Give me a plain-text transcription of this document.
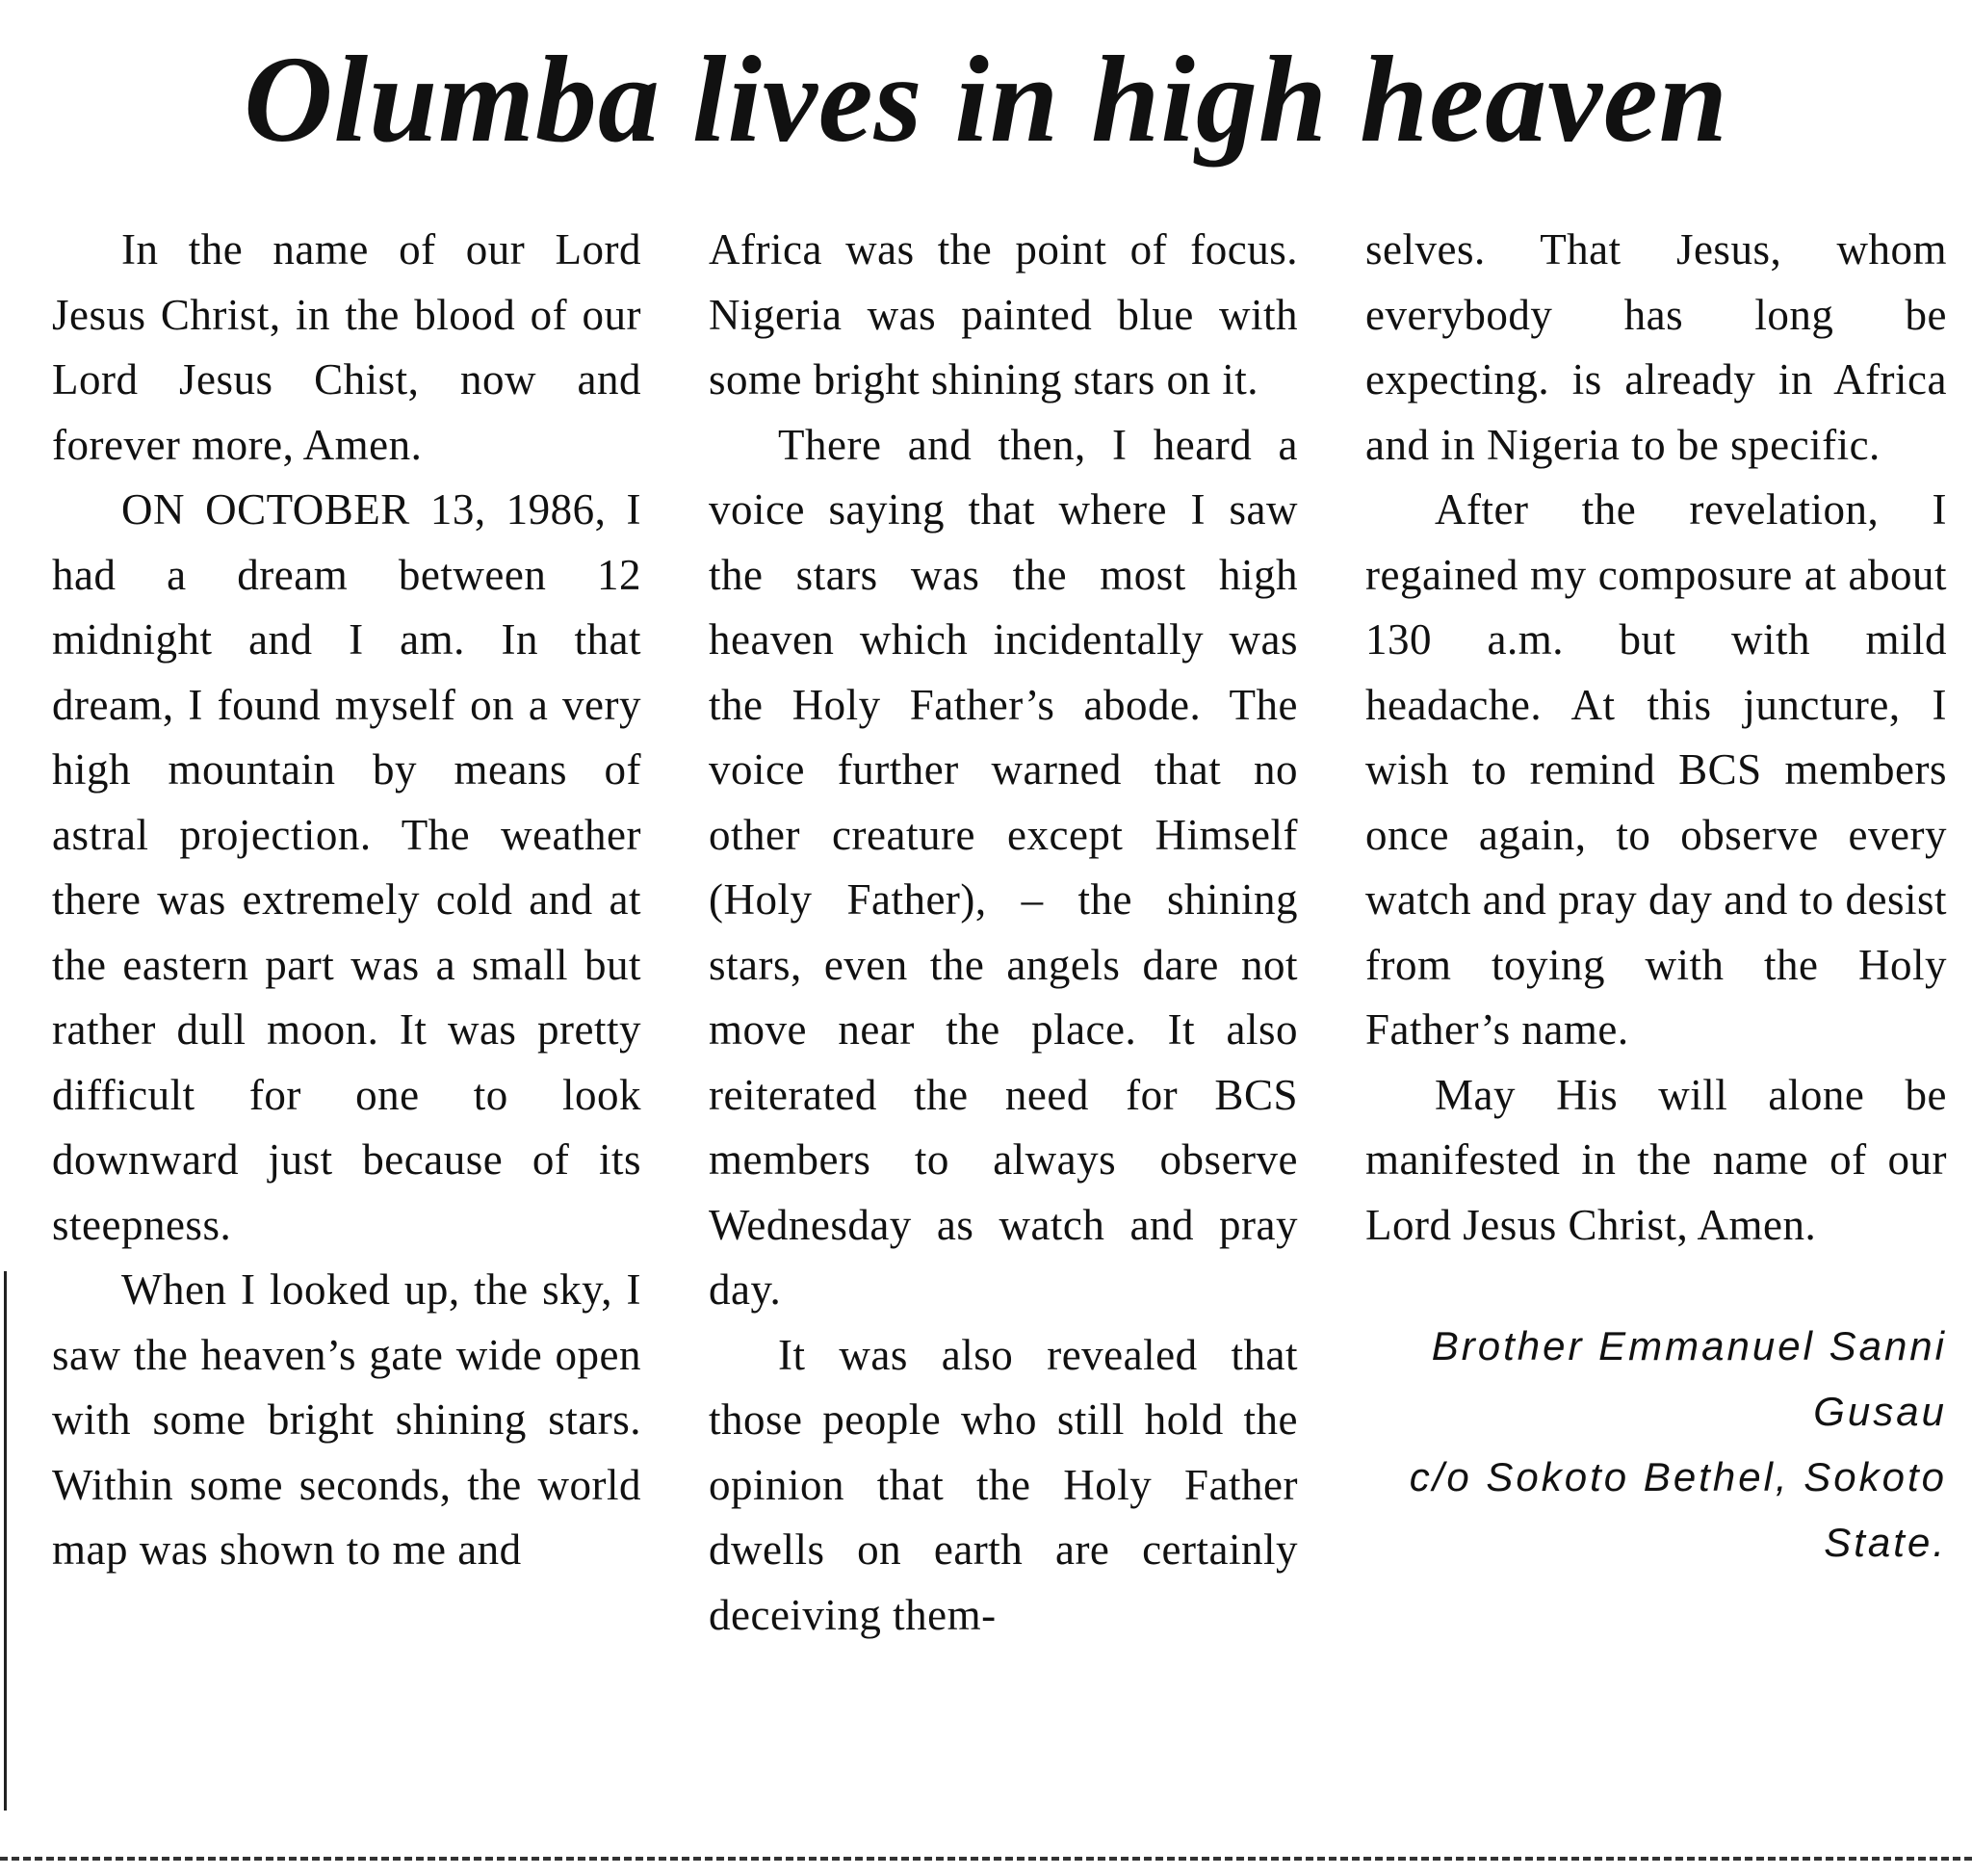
Olumba lives in high heaven

In the name of our Lord Jesus Christ, in the blood of our Lord Jesus Chist, now and forever more, Amen.

ON OCTOBER 13, 1986, I had a dream between 12 midnight and I am. In that dream, I found myself on a very high mountain by means of astral projection. The weather there was extremely cold and at the eastern part was a small but rather dull moon. It was pretty difficult for one to look downward just because of its steepness.

When I looked up, the sky, I saw the heaven’s gate wide open with some bright shining stars. Within some seconds, the world map was shown to me and

Africa was the point of focus. Nigeria was painted blue with some bright shining stars on it.

There and then, I heard a voice saying that where I saw the stars was the most high heaven which incidentally was the Holy Father’s abode. The voice further warned that no other creature except Himself (Holy Father), – the shining stars, even the angels dare not move near the place. It also reiterated the need for BCS members to always observe Wednesday as watch and pray day.

It was also revealed that those people who still hold the opinion that the Holy Father dwells on earth are certainly deceiving them-

selves. That Jesus, whom everybody has long be expecting. is already in Africa and in Nigeria to be specific.

After the revelation, I regained my composure at about 130 a.m. but with mild headache. At this juncture, I wish to remind BCS members once again, to observe every watch and pray day and to desist from toying with the Holy Father’s name.

May His will alone be manifested in the name of our Lord Jesus Christ, Amen.

Brother Emmanuel Sanni
Gusau
c/o Sokoto Bethel, Sokoto
State.
